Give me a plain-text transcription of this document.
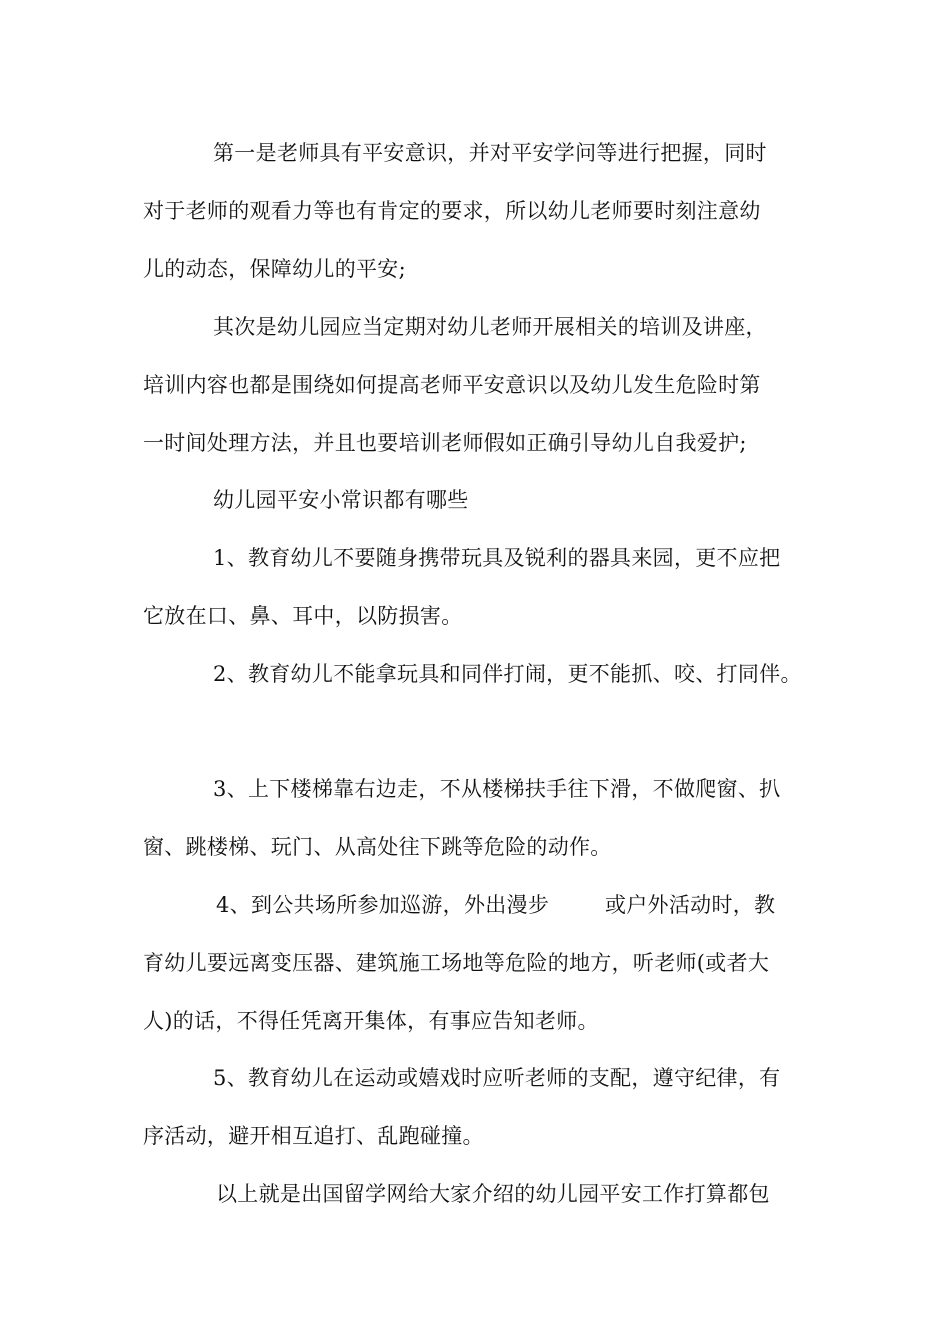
第一是老师具有平安意识，并对平安学问等进行把握，同时
对于老师的观看力等也有肯定的要求，所以幼儿老师要时刻注意幼
儿的动态，保障幼儿的平安;
其次是幼儿园应当定期对幼儿老师开展相关的培训及讲座，
培训内容也都是围绕如何提高老师平安意识以及幼儿发生危险时第
一时间处理方法，并且也要培训老师假如正确引导幼儿自我爱护;
幼儿园平安小常识都有哪些
1、教育幼儿不要随身携带玩具及锐利的器具来园，更不应把
它放在口、鼻、耳中，以防损害。
2、教育幼儿不能拿玩具和同伴打闹，更不能抓、咬、打同伴。
3、上下楼梯靠右边走，不从楼梯扶手往下滑，不做爬窗、扒
窗、跳楼梯、玩门、从高处往下跳等危险的动作。
4、到公共场所参加巡游，外出漫步        或户外活动时，教
育幼儿要远离变压器、建筑施工场地等危险的地方，听老师(或者大
人)的话，不得任凭离开集体，有事应告知老师。
5、教育幼儿在运动或嬉戏时应听老师的支配，遵守纪律，有
序活动，避开相互追打、乱跑碰撞。
以上就是出国留学网给大家介绍的幼儿园平安工作打算都包
